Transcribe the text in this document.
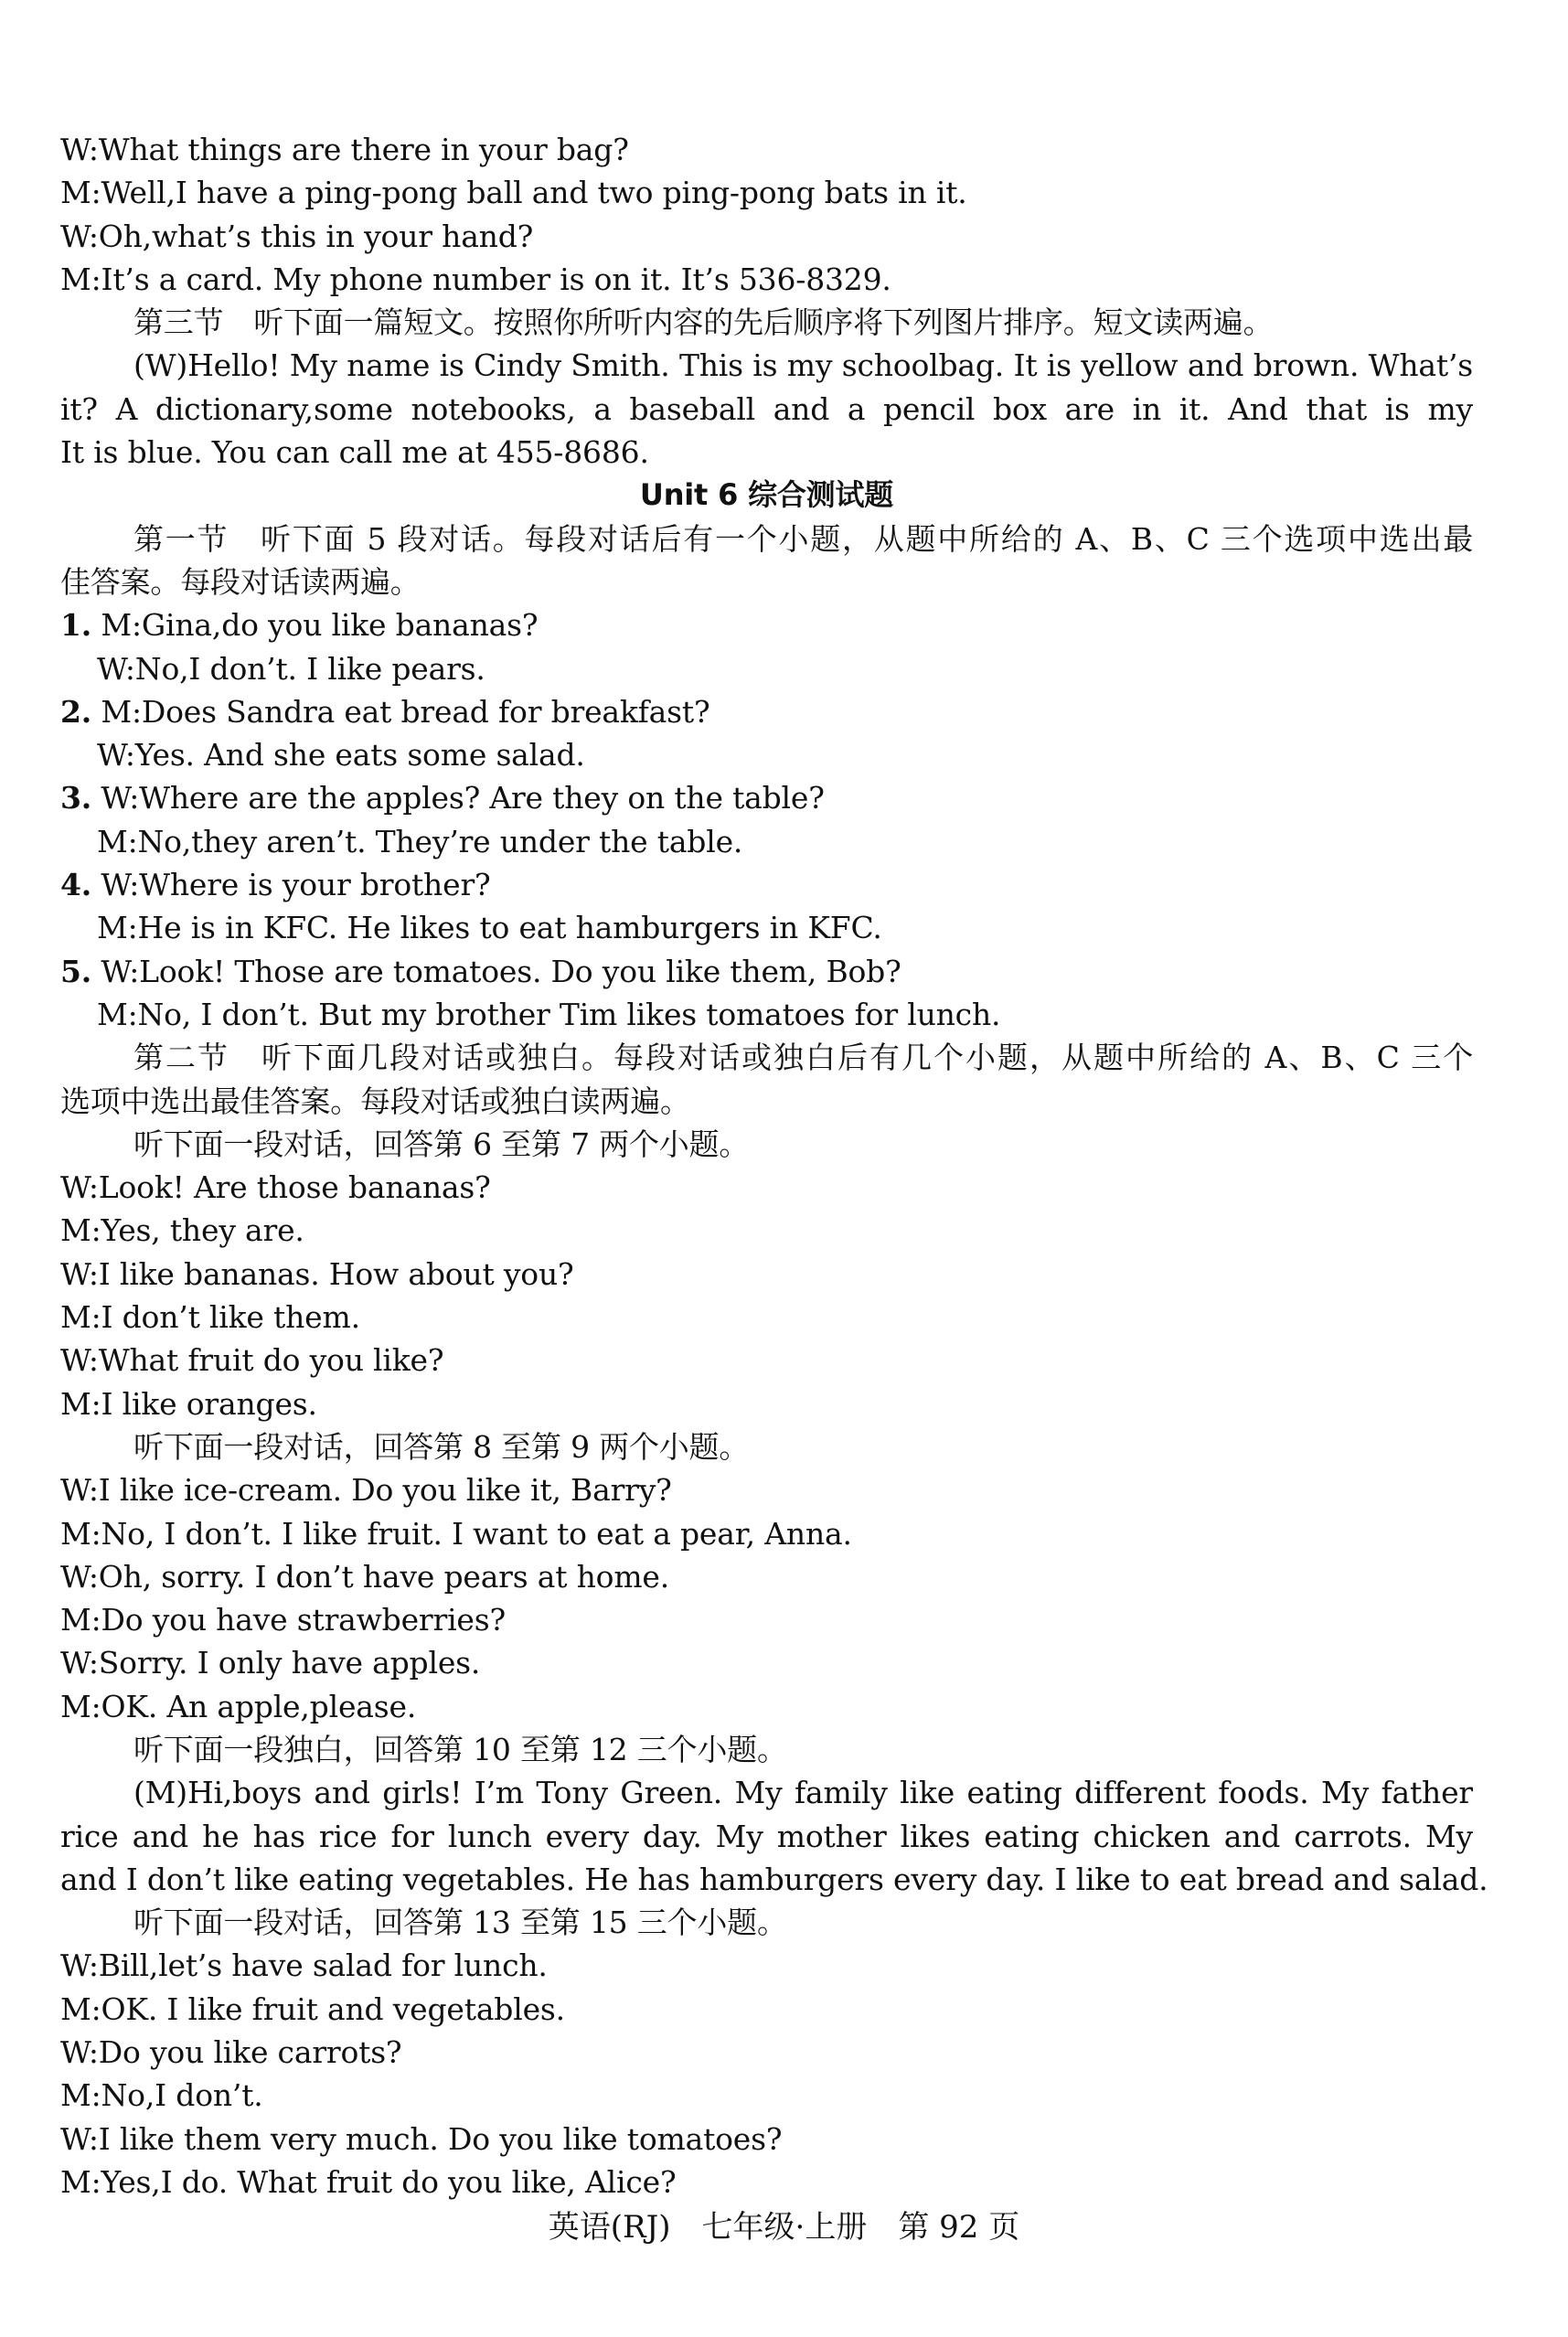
W:What things are there in your bag?
M:Well,I have a ping-pong ball and two ping-pong bats in it.
W:Oh,what’s this in your hand?
M:It’s a card. My phone number is on it. It’s 536-8329.
第三节　听下面一篇短文。按照你所听内容的先后顺序将下列图片排序。短文读两遍。
(W)Hello! My name is Cindy Smith. This is my schoolbag. It is yellow and brown. What’s
it? A dictionary,some notebooks, a baseball and a pencil box are in it. And that is my
It is blue. You can call me at 455-8686.
Unit 6 综合测试题
第一节　听下面 5 段对话。每段对话后有一个小题，从题中所给的 A、B、C 三个选项中选出最
佳答案。每段对话读两遍。
1. M:Gina,do you like bananas?
W:No,I don’t. I like pears.
2. M:Does Sandra eat bread for breakfast?
W:Yes. And she eats some salad.
3. W:Where are the apples? Are they on the table?
M:No,they aren’t. They’re under the table.
4. W:Where is your brother?
M:He is in KFC. He likes to eat hamburgers in KFC.
5. W:Look! Those are tomatoes. Do you like them, Bob?
M:No, I don’t. But my brother Tim likes tomatoes for lunch.
第二节　听下面几段对话或独白。每段对话或独白后有几个小题，从题中所给的 A、B、C 三个
选项中选出最佳答案。每段对话或独白读两遍。
听下面一段对话，回答第 6 至第 7 两个小题。
W:Look! Are those bananas?
M:Yes, they are.
W:I like bananas. How about you?
M:I don’t like them.
W:What fruit do you like?
M:I like oranges.
听下面一段对话，回答第 8 至第 9 两个小题。
W:I like ice-cream. Do you like it, Barry?
M:No, I don’t. I like fruit. I want to eat a pear, Anna.
W:Oh, sorry. I don’t have pears at home.
M:Do you have strawberries?
W:Sorry. I only have apples.
M:OK. An apple,please.
听下面一段独白，回答第 10 至第 12 三个小题。
(M)Hi,boys and girls! I’m Tony Green. My family like eating different foods. My father
rice and he has rice for lunch every day. My mother likes eating chicken and carrots. My
and I don’t like eating vegetables. He has hamburgers every day. I like to eat bread and salad.
听下面一段对话，回答第 13 至第 15 三个小题。
W:Bill,let’s have salad for lunch.
M:OK. I like fruit and vegetables.
W:Do you like carrots?
M:No,I don’t.
W:I like them very much. Do you like tomatoes?
M:Yes,I do. What fruit do you like, Alice?
英语(RJ)　七年级·上册　第 92 页
